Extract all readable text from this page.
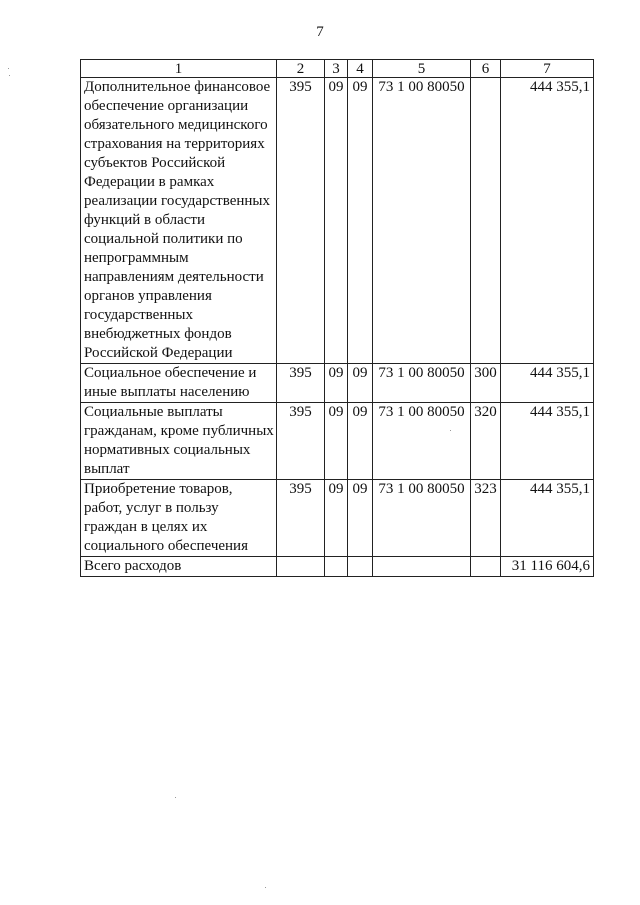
7
1	2	3	4	5	6	7
Дополнительное финансовое обеспечение организации обязательного медицинского страхования на территориях субъектов Российской Федерации в рамках реализации государственных функций в области социальной политики по непрограммным направлениям деятельности органов управления государственных внебюджетных фондов Российской Федерации	395	09	09	73 1 00 80050		444 355,1
Социальное обеспечение и иные выплаты населению	395	09	09	73 1 00 80050	300	444 355,1
Социальные выплаты гражданам, кроме публичных нормативных социальных выплат	395	09	09	73 1 00 80050	320	444 355,1
Приобретение товаров, работ, услуг в пользу граждан в целях их социального обеспечения	395	09	09	73 1 00 80050	323	444 355,1
Всего расходов						31 116 604,6
